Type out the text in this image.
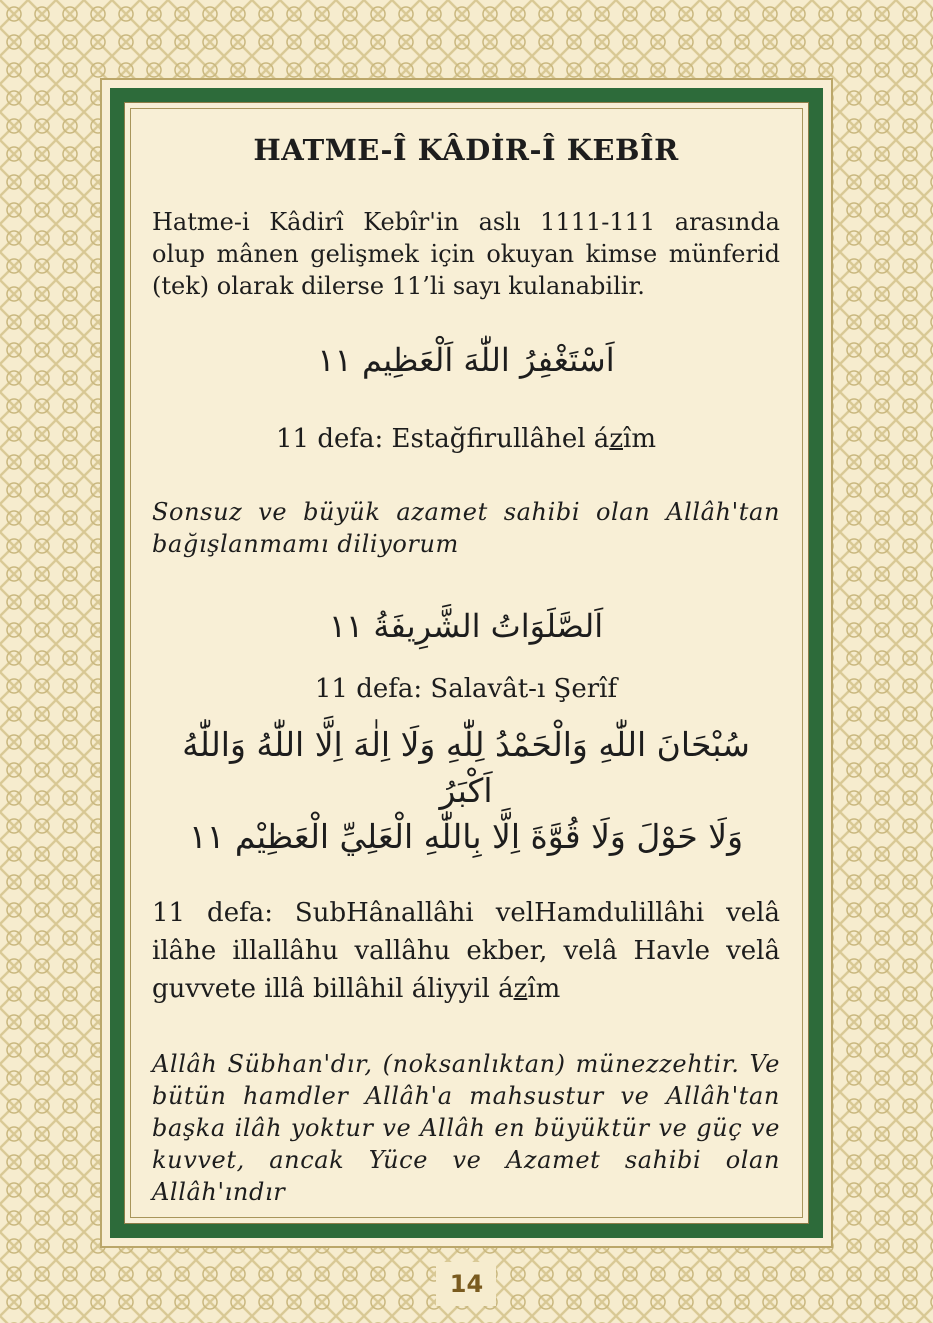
HATME-Î KÂDİR-Î KEBÎR

Hatme-i Kâdirî Kebîr'in aslı 1111-111 arasında olup mânen gelişmek için okuyan kimse münferid (tek) olarak dilerse 11’li sayı kulanabilir.

اَسْتَغْفِرُ اللّٰهَ اَلْعَظِيم ١١

11 defa: Estağfirullâhel ázîm

Sonsuz ve büyük azamet sahibi olan Allâh'tan bağışlanmamı diliyorum

اَلصَّلَوَاتُ الشَّرِيفَةُ ١١

11 defa: Salavât-ı Şerîf

سُبْحَانَ اللّٰهِ وَالْحَمْدُ لِلّٰهِ وَلَا اِلٰهَ اِلَّا اللّٰهُ وَاللّٰهُ اَكْبَرُ

وَلَا حَوْلَ وَلَا قُوَّةَ اِلَّا بِاللّٰهِ الْعَلِيِّ الْعَظِيْم ١١

11 defa: SubHânallâhi velHamdulillâhi velâ ilâhe illallâhu vallâhu ekber, velâ Havle velâ guvvete illâ billâhil áliyyil ázîm

Allâh Sübhan'dır, (noksanlıktan) münezzehtir. Ve bütün hamdler Allâh'a mahsustur ve Allâh'tan başka ilâh yoktur ve Allâh en büyüktür ve güç ve kuvvet, ancak Yüce ve Azamet sahibi olan Allâh'ındır

14
